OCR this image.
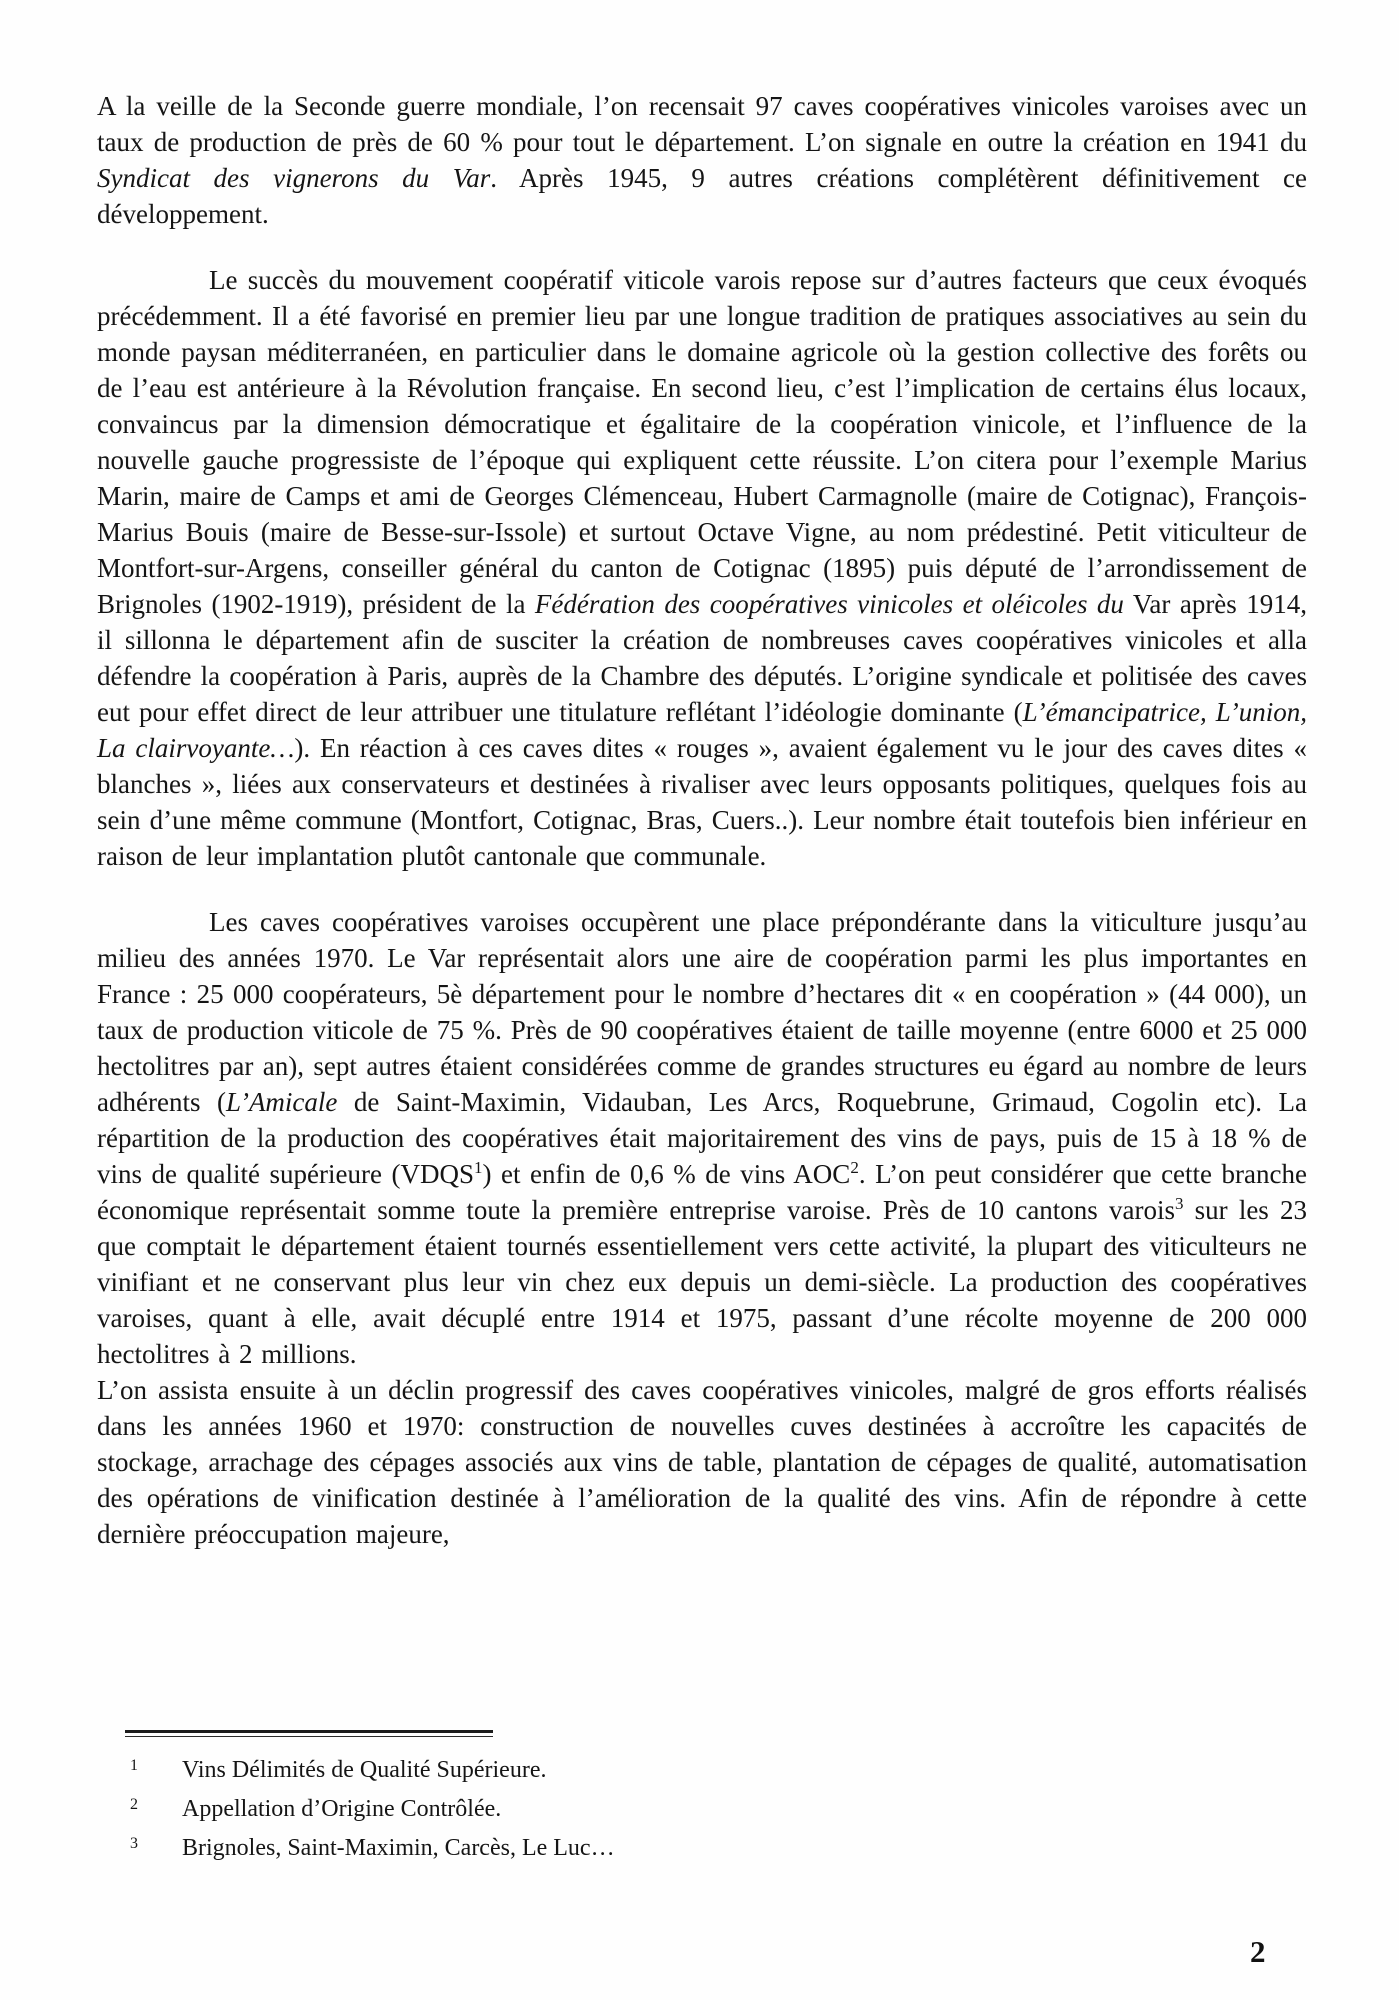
A la veille de la Seconde guerre mondiale, l’on recensait 97 caves coopératives vinicoles varoises avec un taux de production de près de 60 % pour tout le département. L’on signale en outre la création en 1941 du Syndicat des vignerons du Var. Après 1945, 9 autres créations complétèrent définitivement ce développement.

Le succès du mouvement coopératif viticole varois repose sur d’autres facteurs que ceux évoqués précédemment. Il a été favorisé en premier lieu par une longue tradition de pratiques associatives au sein du monde paysan méditerranéen, en particulier dans le domaine agricole où la gestion collective des forêts ou de l’eau est antérieure à la Révolution française. En second lieu, c’est l’implication de certains élus locaux, convaincus par la dimension démocratique et égalitaire de la coopération vinicole, et l’influence de la nouvelle gauche progressiste de l’époque qui expliquent cette réussite. L’on citera pour l’exemple Marius Marin, maire de Camps et ami de Georges Clémenceau, Hubert Carmagnolle (maire de Cotignac), François-Marius Bouis (maire de Besse-sur-Issole) et surtout Octave Vigne, au nom prédestiné. Petit viticulteur de Montfort-sur-Argens, conseiller général du canton de Cotignac (1895) puis député de l’arrondissement de Brignoles (1902-1919), président de la Fédération des coopératives vinicoles et oléicoles du Var après 1914, il sillonna le département afin de susciter la création de nombreuses caves coopératives vinicoles et alla défendre la coopération à Paris, auprès de la Chambre des députés. L’origine syndicale et politisée des caves eut pour effet direct de leur attribuer une titulature reflétant l’idéologie dominante (L’émancipatrice, L’union, La clairvoyante…). En réaction à ces caves dites « rouges », avaient également vu le jour des caves dites « blanches », liées aux conservateurs et destinées à rivaliser avec leurs opposants politiques, quelques fois au sein d’une même commune (Montfort, Cotignac, Bras, Cuers..). Leur nombre était toutefois bien inférieur en raison de leur implantation plutôt cantonale que communale.

Les caves coopératives varoises occupèrent une place prépondérante dans la viticulture jusqu’au milieu des années 1970. Le Var représentait alors une aire de coopération parmi les plus importantes en France : 25 000 coopérateurs, 5è département pour le nombre d’hectares dit « en coopération » (44 000), un taux de production viticole de 75 %. Près de 90 coopératives étaient de taille moyenne (entre 6000 et 25 000 hectolitres par an), sept autres étaient considérées comme de grandes structures eu égard au nombre de leurs adhérents (L’Amicale de Saint-Maximin, Vidauban, Les Arcs, Roquebrune, Grimaud, Cogolin etc). La répartition de la production des coopératives était majoritairement des vins de pays, puis de 15 à 18 % de vins de qualité supérieure (VDQS$^1$) et enfin de 0,6 % de vins AOC$^2$. L’on peut considérer que cette branche économique représentait somme toute la première entreprise varoise. Près de 10 cantons varois$^3$ sur les 23 que comptait le département étaient tournés essentiellement vers cette activité, la plupart des viticulteurs ne vinifiant et ne conservant plus leur vin chez eux depuis un demi-siècle. La production des coopératives varoises, quant à elle, avait décuplé entre 1914 et 1975, passant d’une récolte moyenne de 200 000 hectolitres à 2 millions.

L’on assista ensuite à un déclin progressif des caves coopératives vinicoles, malgré de gros efforts réalisés dans les années 1960 et 1970: construction de nouvelles cuves destinées à accroître les capacités de stockage, arrachage des cépages associés aux vins de table, plantation de cépages de qualité, automatisation des opérations de vinification destinée à l’amélioration de la qualité des vins. Afin de répondre à cette dernière préoccupation majeure,

1	Vins Délimités de Qualité Supérieure.
2	Appellation d’Origine Contrôlée.
3	Brignoles, Saint-Maximin, Carcès, Le Luc…
2
